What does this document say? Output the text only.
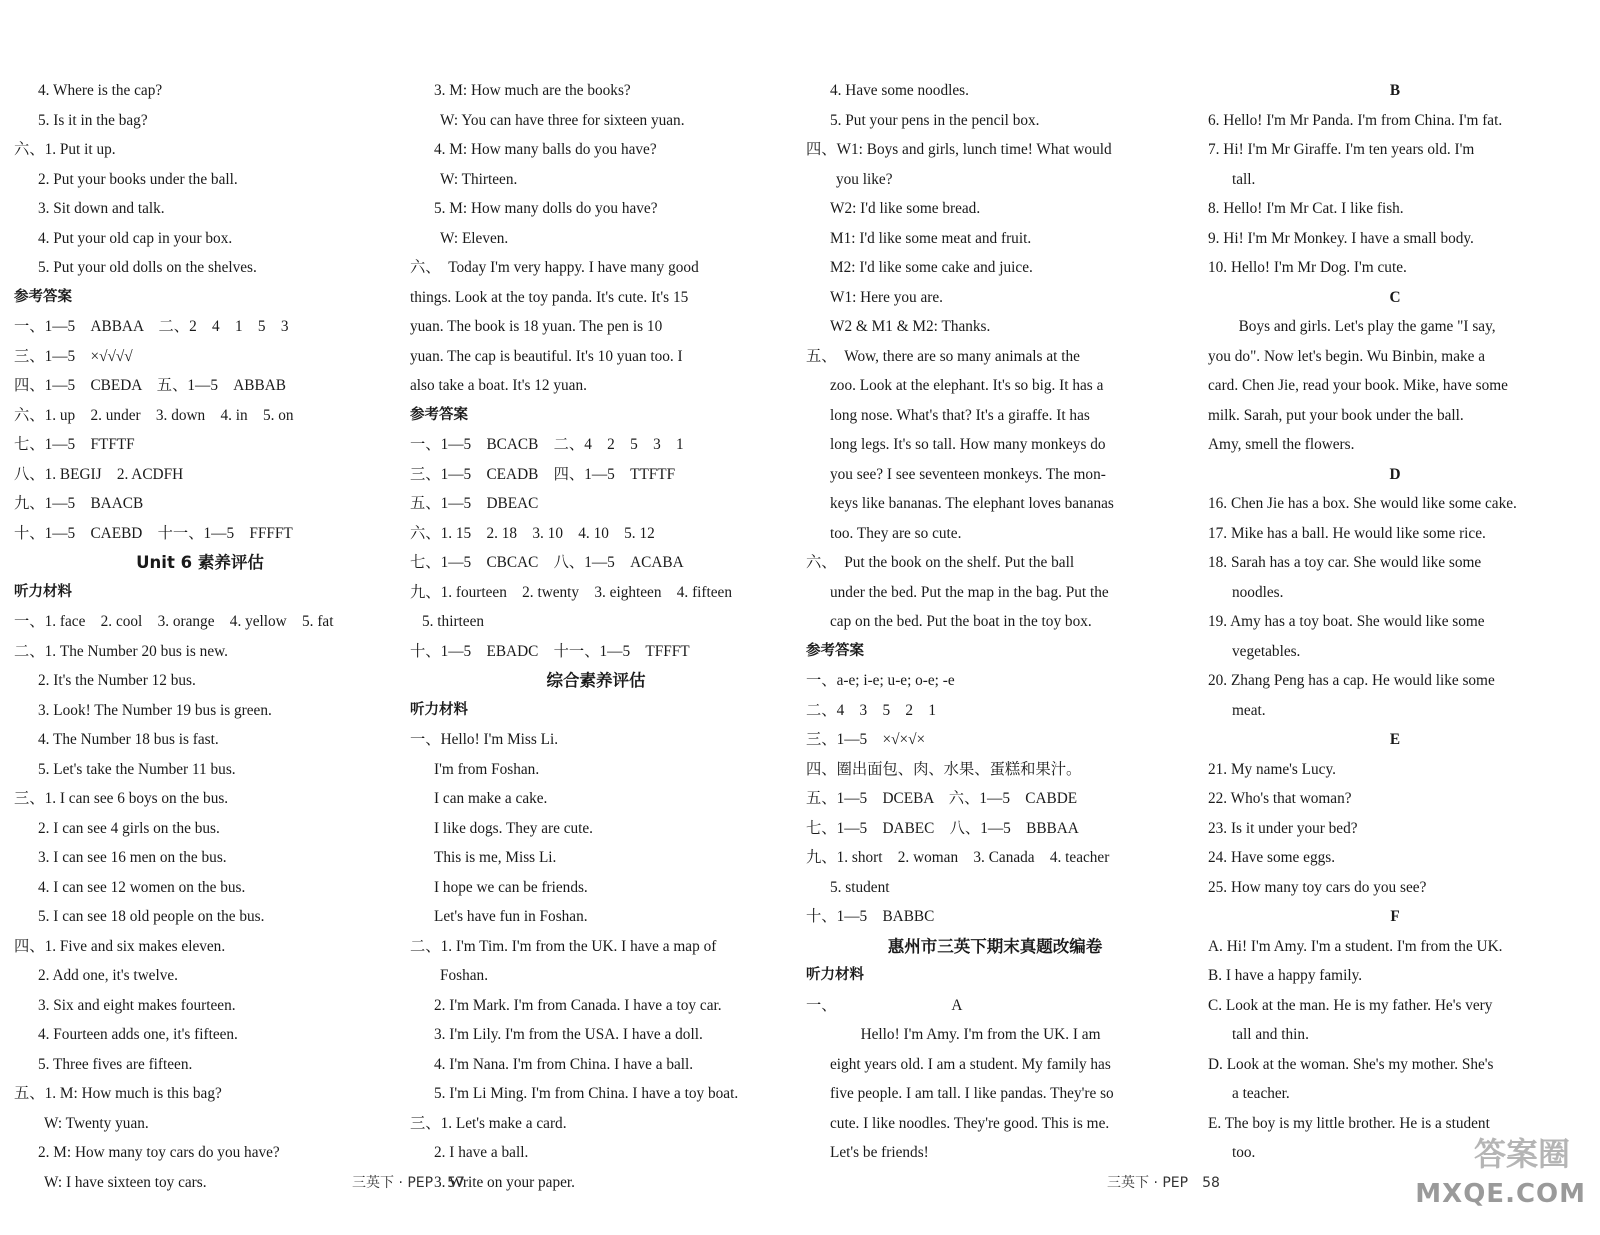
4. Where is the cap?
5. Is it in the bag?
六、1. Put it up.
2. Put your books under the ball.
3. Sit down and talk.
4. Put your old cap in your box.
5. Put your old dolls on the shelves.
参考答案
一、1—5　ABBAA　二、2　4　1　5　3
三、1—5　×√√√√
四、1—5　CBEDA　五、1—5　ABBAB
六、1. up　2. under　3. down　4. in　5. on
七、1—5　FTFTF
八、1. BEGIJ　2. ACDFH
九、1—5　BAACB
十、1—5　CAEBD　十一、1—5　FFFFT
Unit 6 素养评估
听力材料
一、1. face　2. cool　3. orange　4. yellow　5. fat
二、1. The Number 20 bus is new.
2. It's the Number 12 bus.
3. Look! The Number 19 bus is green.
4. The Number 18 bus is fast.
5. Let's take the Number 11 bus.
三、1. I can see 6 boys on the bus.
2. I can see 4 girls on the bus.
3. I can see 16 men on the bus.
4. I can see 12 women on the bus.
5. I can see 18 old people on the bus.
四、1. Five and six makes eleven.
2. Add one, it's twelve.
3. Six and eight makes fourteen.
4. Fourteen adds one, it's fifteen.
5. Three fives are fifteen.
五、1. M: How much is this bag?
W: Twenty yuan.
2. M: How many toy cars do you have?
W: I have sixteen toy cars.
3. M: How much are the books?
W: You can have three for sixteen yuan.
4. M: How many balls do you have?
W: Thirteen.
5. M: How many dolls do you have?
W: Eleven.
六、　Today I'm very happy. I have many good
things. Look at the toy panda. It's cute. It's 15
yuan. The book is 18 yuan. The pen is 10
yuan. The cap is beautiful. It's 10 yuan too. I
also take a boat. It's 12 yuan.
参考答案
一、1—5　BCACB　二、4　2　5　3　1
三、1—5　CEADB　四、1—5　TTFTF
五、1—5　DBEAC
六、1. 15　2. 18　3. 10　4. 10　5. 12
七、1—5　CBCAC　八、1—5　ACABA
九、1. fourteen　2. twenty　3. eighteen　4. fifteen
5. thirteen
十、1—5　EBADC　十一、1—5　TFFFT
综合素养评估
听力材料
一、Hello! I'm Miss Li.
I'm from Foshan.
I can make a cake.
I like dogs. They are cute.
This is me, Miss Li.
I hope we can be friends.
Let's have fun in Foshan.
二、1. I'm Tim. I'm from the UK. I have a map of
Foshan.
2. I'm Mark. I'm from Canada. I have a toy car.
3. I'm Lily. I'm from the USA. I have a doll.
4. I'm Nana. I'm from China. I have a ball.
5. I'm Li Ming. I'm from China. I have a toy boat.
三、1. Let's make a card.
2. I have a ball.
3. Write on your paper.
4. Have some noodles.
5. Put your pens in the pencil box.
四、W1: Boys and girls, lunch time! What would
you like?
W2: I'd like some bread.
M1: I'd like some meat and fruit.
M2: I'd like some cake and juice.
W1: Here you are.
W2 & M1 & M2: Thanks.
五、　Wow, there are so many animals at the
zoo. Look at the elephant. It's so big. It has a
long nose. What's that? It's a giraffe. It has
long legs. It's so tall. How many monkeys do
you see? I see seventeen monkeys. The mon-
keys like bananas. The elephant loves bananas
too. They are so cute.
六、　Put the book on the shelf. Put the ball
under the bed. Put the map in the bag. Put the
cap on the bed. Put the boat in the toy box.
参考答案
一、a-e; i-e; u-e; o-e; -e
二、4　3　5　2　1
三、1—5　×√×√×
四、圈出面包、肉、水果、蛋糕和果汁。
五、1—5　DCEBA　六、1—5　CABDE
七、1—5　DABEC　八、1—5　BBBAA
九、1. short　2. woman　3. Canada　4. teacher
5. student
十、1—5　BABBC
惠州市三英下期末真题改编卷
听力材料
一、　　　　　　　　A
　　Hello! I'm Amy. I'm from the UK. I am
eight years old. I am a student. My family has
five people. I am tall. I like pandas. They're so
cute. I like noodles. They're good. This is me.
Let's be friends!
B
6. Hello! I'm Mr Panda. I'm from China. I'm fat.
7. Hi! I'm Mr Giraffe. I'm ten years old. I'm
tall.
8. Hello! I'm Mr Cat. I like fish.
9. Hi! I'm Mr Monkey. I have a small body.
10. Hello! I'm Mr Dog. I'm cute.
C
　　Boys and girls. Let's play the game "I say,
you do". Now let's begin. Wu Binbin, make a
card. Chen Jie, read your book. Mike, have some
milk. Sarah, put your book under the ball.
Amy, smell the flowers.
D
16. Chen Jie has a box. She would like some cake.
17. Mike has a ball. He would like some rice.
18. Sarah has a toy car. She would like some
noodles.
19. Amy has a toy boat. She would like some
vegetables.
20. Zhang Peng has a cap. He would like some
meat.
E
21. My name's Lucy.
22. Who's that woman?
23. Is it under your bed?
24. Have some eggs.
25. How many toy cars do you see?
F
A. Hi! I'm Amy. I'm a student. I'm from the UK.
B. I have a happy family.
C. Look at the man. He is my father. He's very
tall and thin.
D. Look at the woman. She's my mother. She's
a teacher.
E. The boy is my little brother. He is a student
too.
三英下 · PEP　57	三英下 · PEP　58
答案圈
MXQE.COM
